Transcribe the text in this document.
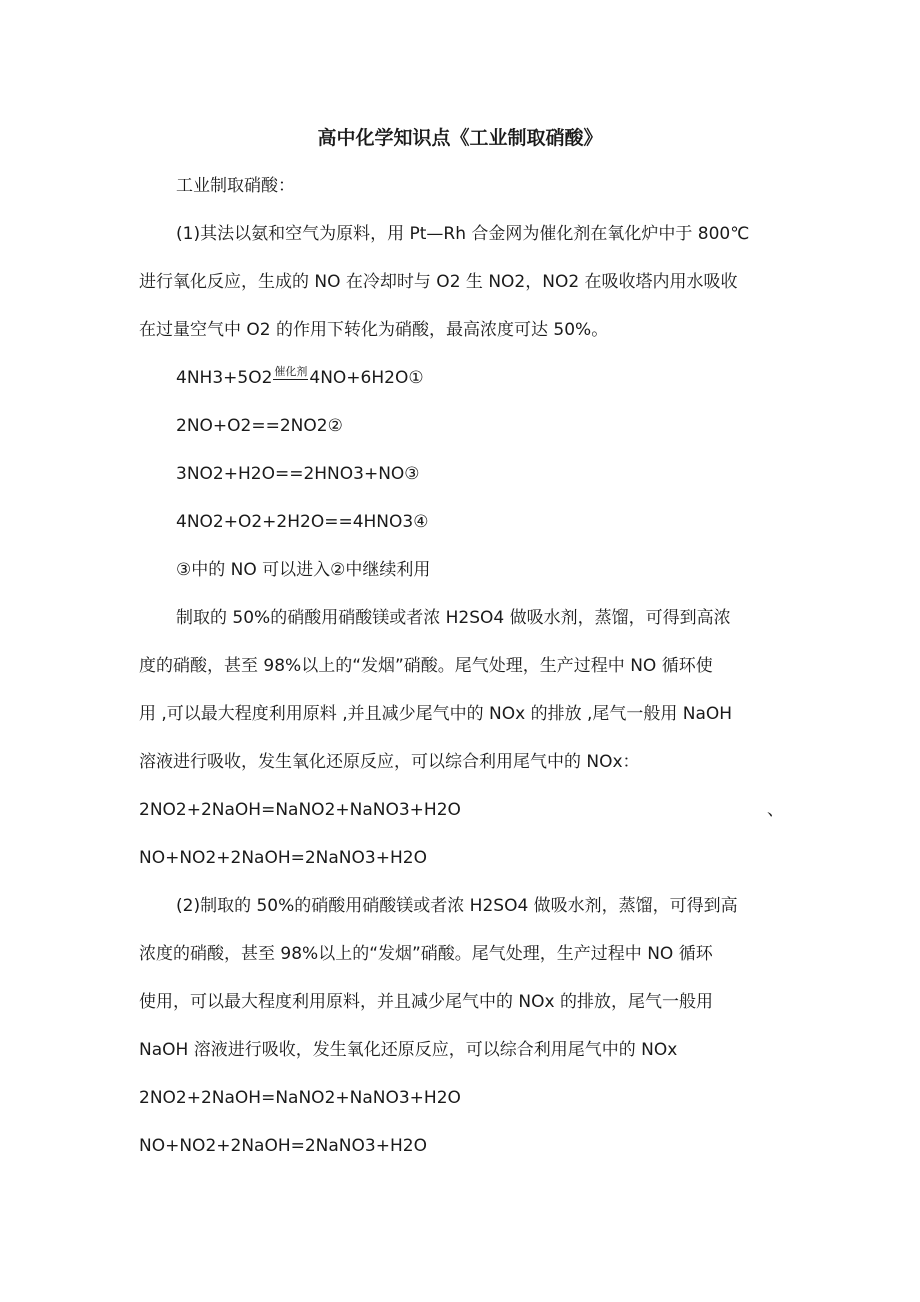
高中化学知识点《工业制取硝酸》
工业制取硝酸：
(1)其法以氨和空气为原料，用 Pt—Rh 合金网为催化剂在氧化炉中于 800℃
进行氧化反应，生成的 NO 在冷却时与 O2 生 NO2，NO2 在吸收塔内用水吸收
在过量空气中 O2 的作用下转化为硝酸，最高浓度可达 50%。
4NH3+5O2 催化剂 4NO+6H2O①
2NO+O2==2NO2②
3NO2+H2O==2HNO3+NO③
4NO2+O2+2H2O==4HNO3④
③中的 NO 可以进入②中继续利用
制取的 50%的硝酸用硝酸镁或者浓 H2SO4 做吸水剂，蒸馏，可得到高浓
度的硝酸，甚至 98%以上的“发烟”硝酸。尾气处理，生产过程中 NO 循环使
用 ,可以最大程度利用原料 ,并且减少尾气中的 NOx 的排放 ,尾气一般用 NaOH
溶液进行吸收，发生氧化还原反应，可以综合利用尾气中的 NOx：
2NO2+2NaOH=NaNO2+NaNO3+H2O	、
NO+NO2+2NaOH=2NaNO3+H2O
(2)制取的 50%的硝酸用硝酸镁或者浓 H2SO4 做吸水剂，蒸馏，可得到高
浓度的硝酸，甚至 98%以上的“发烟”硝酸。尾气处理，生产过程中 NO 循环
使用，可以最大程度利用原料，并且减少尾气中的 NOx 的排放，尾气一般用
NaOH 溶液进行吸收，发生氧化还原反应，可以综合利用尾气中的 NOx
2NO2+2NaOH=NaNO2+NaNO3+H2O
NO+NO2+2NaOH=2NaNO3+H2O
